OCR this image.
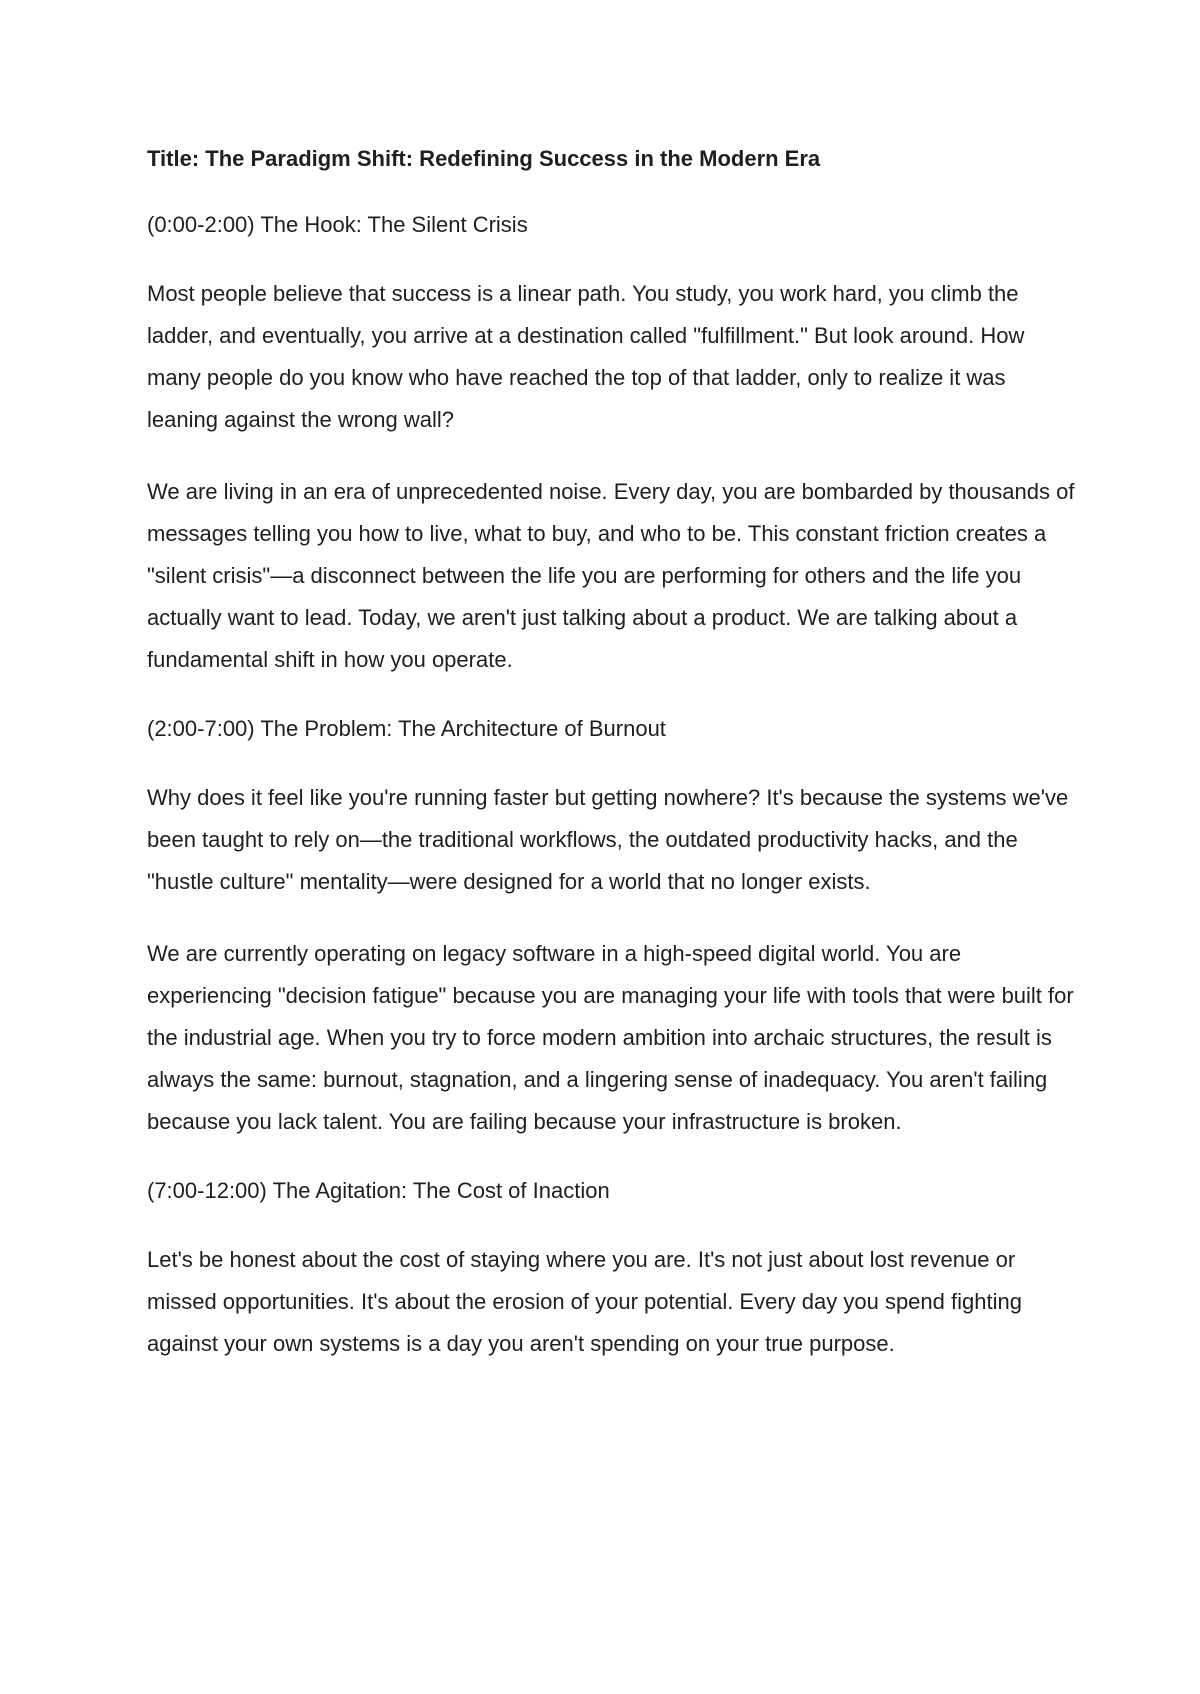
Title: The Paradigm Shift: Redefining Success in the Modern Era

(0:00-2:00) The Hook: The Silent Crisis

Most people believe that success is a linear path. You study, you work hard, you climb the ladder, and eventually, you arrive at a destination called "fulfillment." But look around. How many people do you know who have reached the top of that ladder, only to realize it was leaning against the wrong wall?

We are living in an era of unprecedented noise. Every day, you are bombarded by thousands of messages telling you how to live, what to buy, and who to be. This constant friction creates a "silent crisis"—a disconnect between the life you are performing for others and the life you actually want to lead. Today, we aren't just talking about a product. We are talking about a fundamental shift in how you operate.

(2:00-7:00) The Problem: The Architecture of Burnout

Why does it feel like you're running faster but getting nowhere? It's because the systems we've been taught to rely on—the traditional workflows, the outdated productivity hacks, and the "hustle culture" mentality—were designed for a world that no longer exists.

We are currently operating on legacy software in a high-speed digital world. You are experiencing "decision fatigue" because you are managing your life with tools that were built for the industrial age. When you try to force modern ambition into archaic structures, the result is always the same: burnout, stagnation, and a lingering sense of inadequacy. You aren't failing because you lack talent. You are failing because your infrastructure is broken.

(7:00-12:00) The Agitation: The Cost of Inaction

Let's be honest about the cost of staying where you are. It's not just about lost revenue or missed opportunities. It's about the erosion of your potential. Every day you spend fighting against your own systems is a day you aren't spending on your true purpose.
